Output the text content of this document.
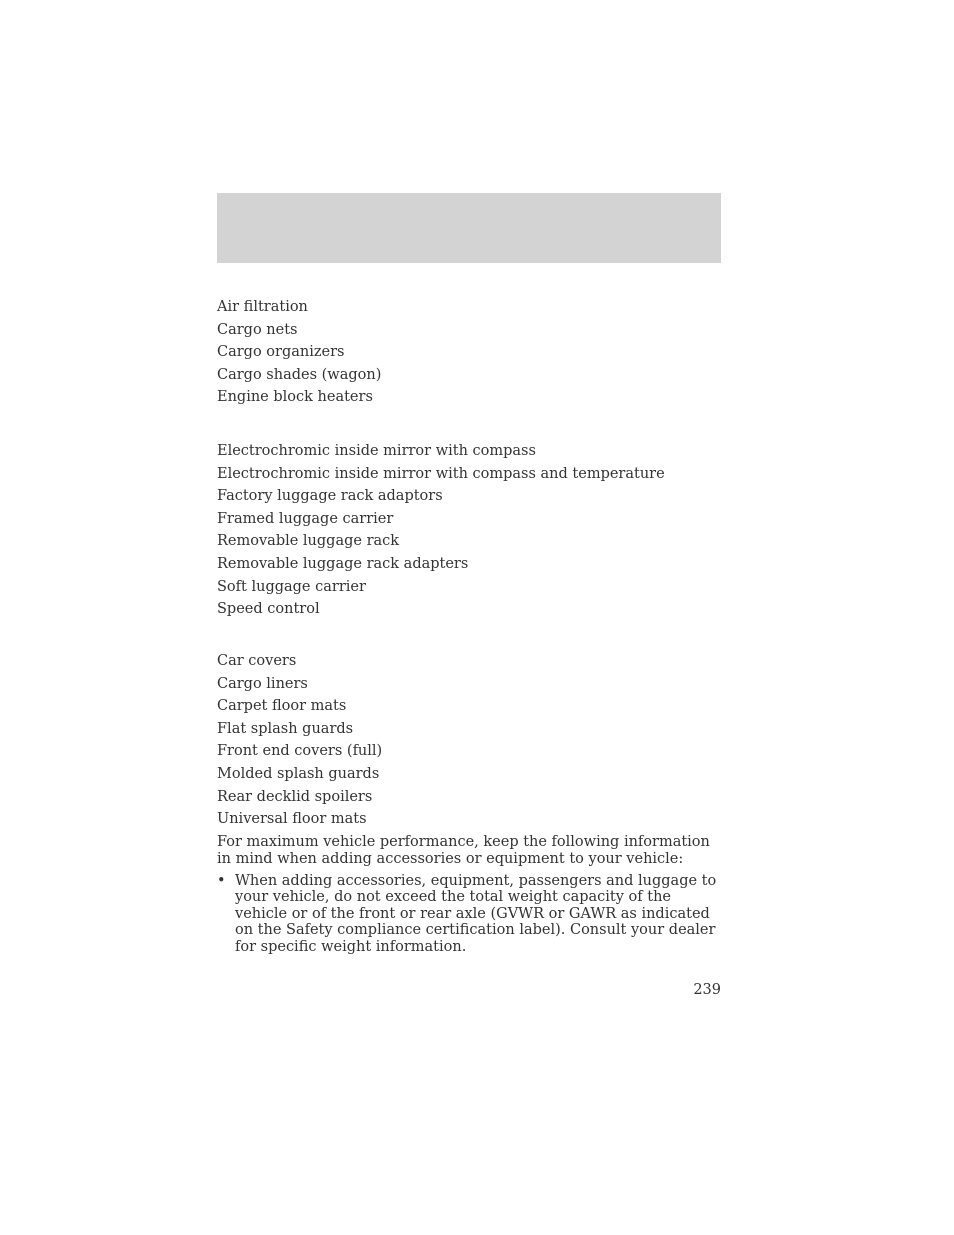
Air filtration
Cargo nets
Cargo organizers
Cargo shades (wagon)
Engine block heaters
Electrochromic inside mirror with compass
Electrochromic inside mirror with compass and temperature
Factory luggage rack adaptors
Framed luggage carrier
Removable luggage rack
Removable luggage rack adapters
Soft luggage carrier
Speed control
Car covers
Cargo liners
Carpet floor mats
Flat splash guards
Front end covers (full)
Molded splash guards
Rear decklid spoilers
Universal floor mats

For maximum vehicle performance, keep the following information in mind when adding accessories or equipment to your vehicle:

• When adding accessories, equipment, passengers and luggage to your vehicle, do not exceed the total weight capacity of the vehicle or of the front or rear axle (GVWR or GAWR as indicated on the Safety compliance certification label). Consult your dealer for specific weight information.
239
